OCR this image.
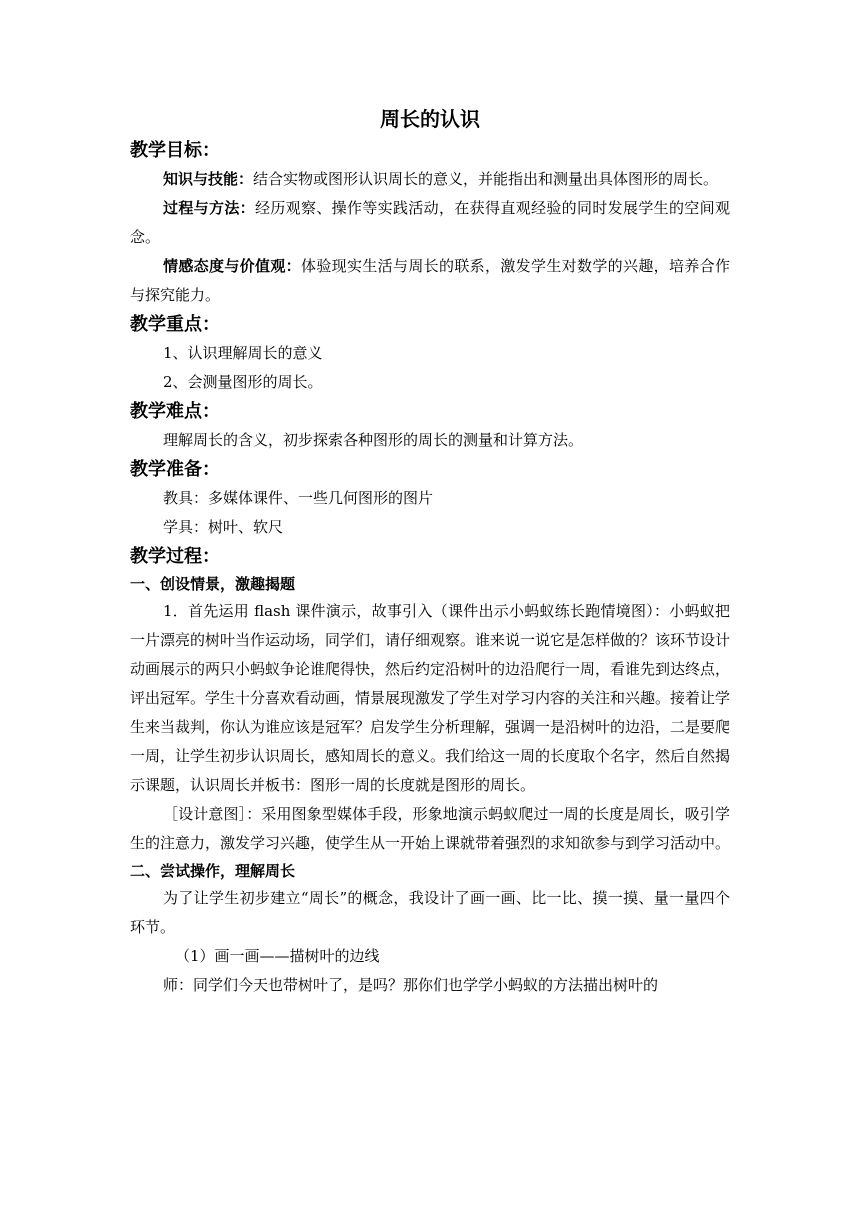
周长的认识
教学目标：

知识与技能：结合实物或图形认识周长的意义，并能指出和测量出具体图形的周长。

过程与方法：经历观察、操作等实践活动，在获得直观经验的同时发展学生的空间观念。

情感态度与价值观：体验现实生活与周长的联系，激发学生对数学的兴趣，培养合作与探究能力。

教学重点：

1、认识理解周长的意义

2、会测量图形的周长。

教学难点：

理解周长的含义，初步探索各种图形的周长的测量和计算方法。

教学准备：

教具：多媒体课件、一些几何图形的图片

学具：树叶、软尺

教学过程：
一、创设情景，激趣揭题

1．首先运用 flash 课件演示，故事引入（课件出示小蚂蚁练长跑情境图）：小蚂蚁把一片漂亮的树叶当作运动场，同学们，请仔细观察。谁来说一说它是怎样做的？该环节设计动画展示的两只小蚂蚁争论谁爬得快，然后约定沿树叶的边沿爬行一周，看谁先到达终点，评出冠军。学生十分喜欢看动画，情景展现激发了学生对学习内容的关注和兴趣。接着让学生来当裁判，你认为谁应该是冠军？启发学生分析理解，强调一是沿树叶的边沿，二是要爬一周，让学生初步认识周长，感知周长的意义。我们给这一周的长度取个名字，然后自然揭示课题，认识周长并板书：图形一周的长度就是图形的周长。

［设计意图］：采用图象型媒体手段，形象地演示蚂蚁爬过一周的长度是周长，吸引学生的注意力，激发学习兴趣，使学生从一开始上课就带着强烈的求知欲参与到学习活动中。

二、尝试操作，理解周长

为了让学生初步建立“周长”的概念，我设计了画一画、比一比、摸一摸、量一量四个环节。

（1）画一画——描树叶的边线

师：同学们今天也带树叶了，是吗？那你们也学学小蚂蚁的方法描出树叶的
